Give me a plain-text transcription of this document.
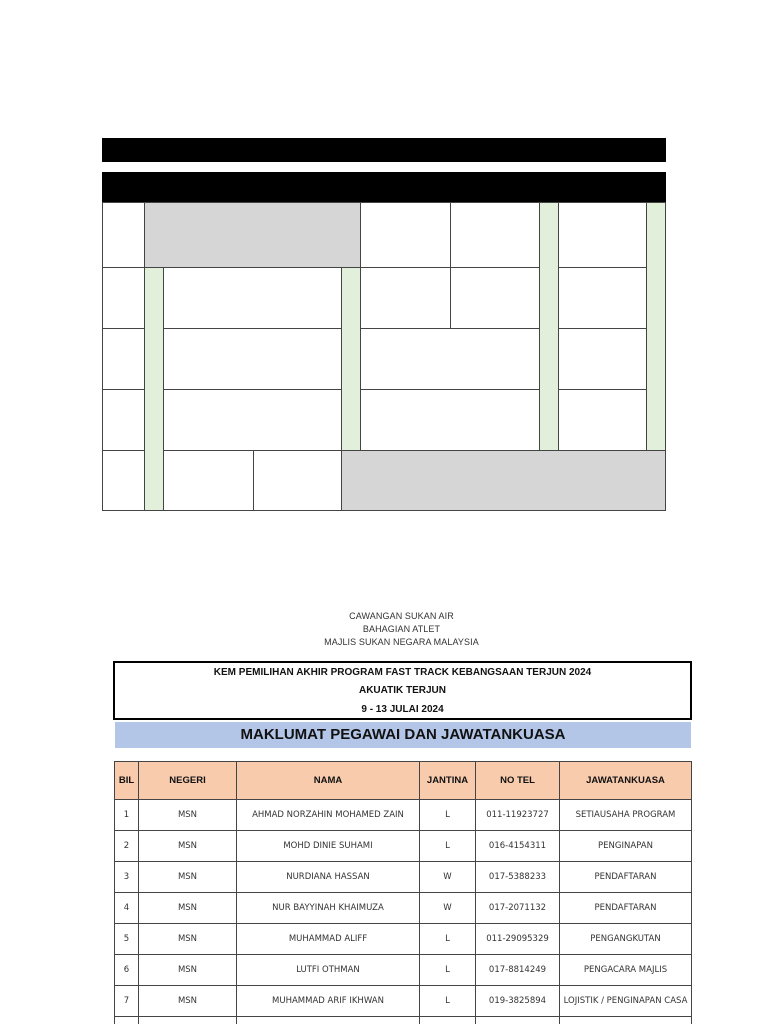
CAWANGAN SUKAN AIR
BAHAGIAN ATLET
MAJLIS SUKAN NEGARA MALAYSIA
KEM PEMILIHAN AKHIR PROGRAM FAST TRACK KEBANGSAAN TERJUN 2024
AKUATIK TERJUN
9 - 13 JULAI 2024
MAKLUMAT PEGAWAI DAN JAWATANKUASA
BIL	NEGERI	NAMA	JANTINA	NO TEL	JAWATANKUASA
1	MSN	AHMAD NORZAHIN MOHAMED ZAIN	L	011-11923727	SETIAUSAHA PROGRAM
2	MSN	MOHD DINIE SUHAMI	L	016-4154311	PENGINAPAN
3	MSN	NURDIANA HASSAN	W	017-5388233	PENDAFTARAN
4	MSN	NUR BAYYINAH KHAIMUZA	W	017-2071132	PENDAFTARAN
5	MSN	MUHAMMAD ALIFF	L	011-29095329	PENGANGKUTAN
6	MSN	LUTFI OTHMAN	L	017-8814249	PENGACARA MAJLIS
7	MSN	MUHAMMAD ARIF IKHWAN	L	019-3825894	LOJISTIK / PENGINAPAN CASA
